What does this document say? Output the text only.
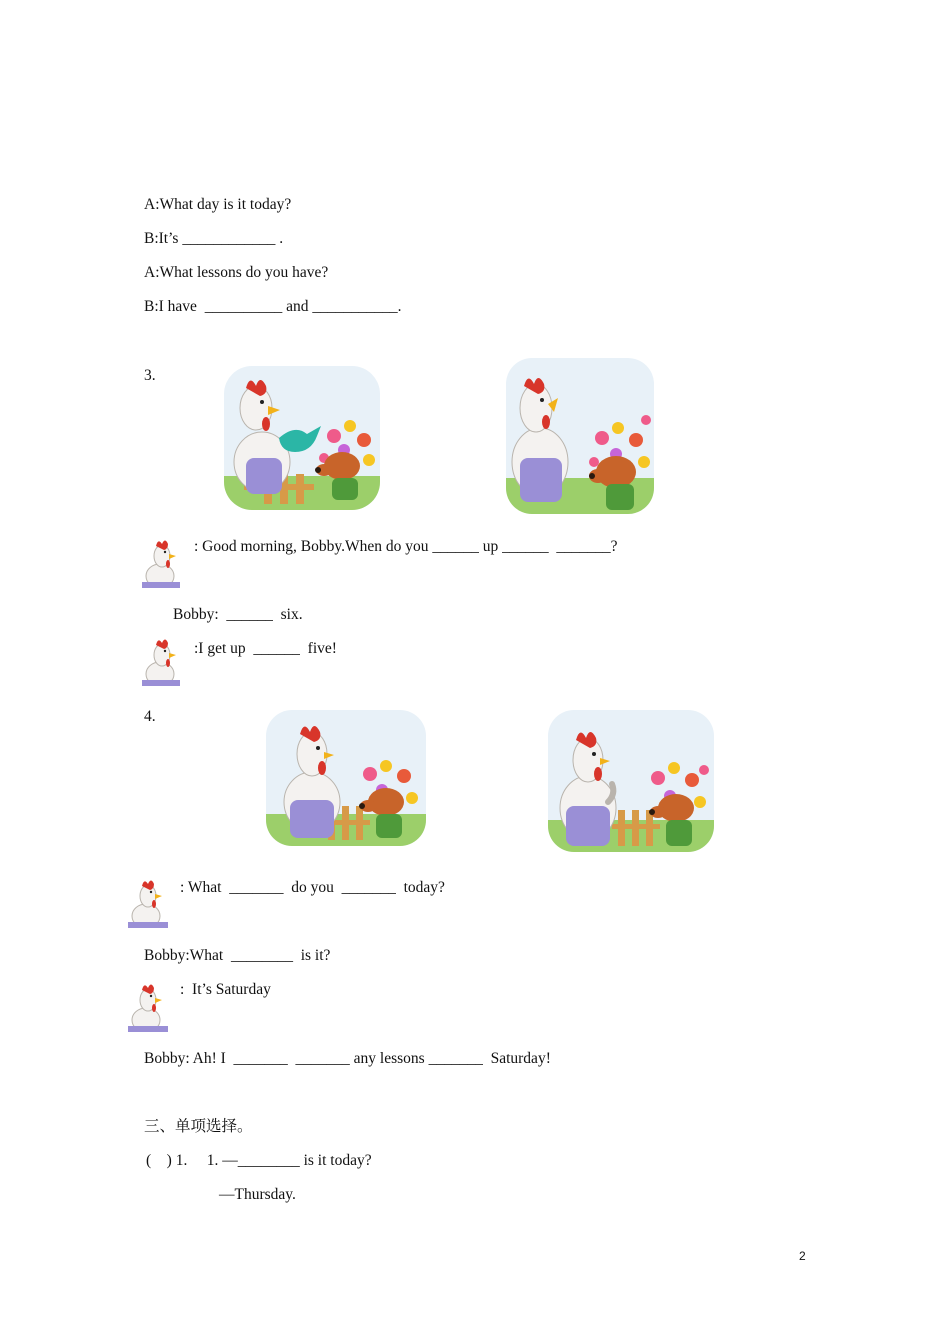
A:What day is it today?
B:It’s ____________ .
A:What lessons do you have?
B:I have  __________ and ___________.
3.
: Good morning, Bobby.When do you ______ up ______  _______?
Bobby:  ______  six.
:I get up  ______  five!
4.
: What  _______  do you  _______  today?
Bobby:What  ________  is it?
:  It’s Saturday
Bobby: Ah! I  _______  _______ any lessons _______  Saturday!
三、单项选择。
(    ) 1.     1. —________ is it today?
—Thursday.
2
